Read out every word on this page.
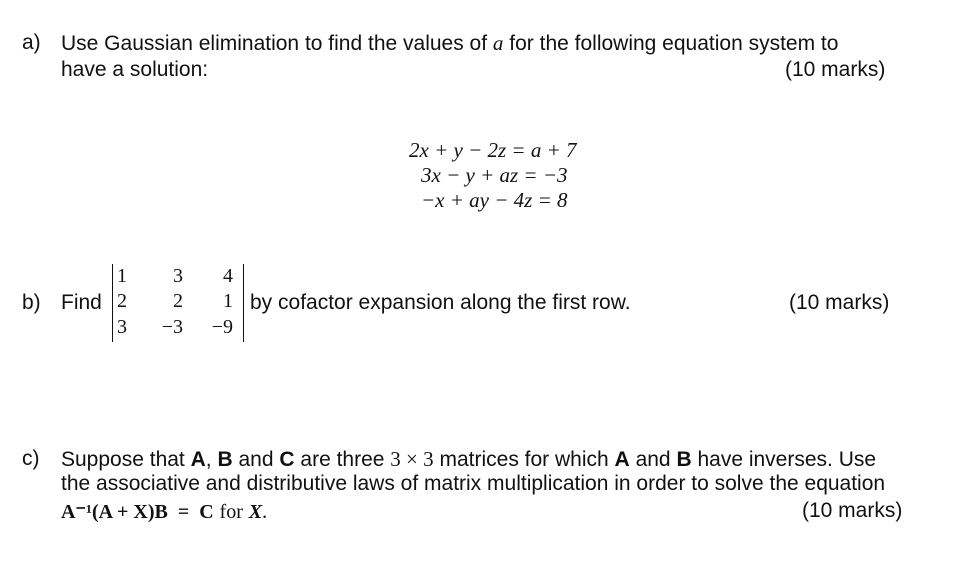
a) Use Gaussian elimination to find the values of a for the following equation system to
have a solution:	(10 marks)
2x + y − 2z = a + 7
3x − y + az = −3
−x + ay − 4z = 8
b) Find
1	3	4
2	2	1
3	−3	−9
by cofactor expansion along the first row.	(10 marks)
c) Suppose that A, B and C are three 3 × 3 matrices for which A and B have inverses. Use
the associative and distributive laws of matrix multiplication in order to solve the equation
A⁻¹(A + X)B  =  C for X.	(10 marks)
